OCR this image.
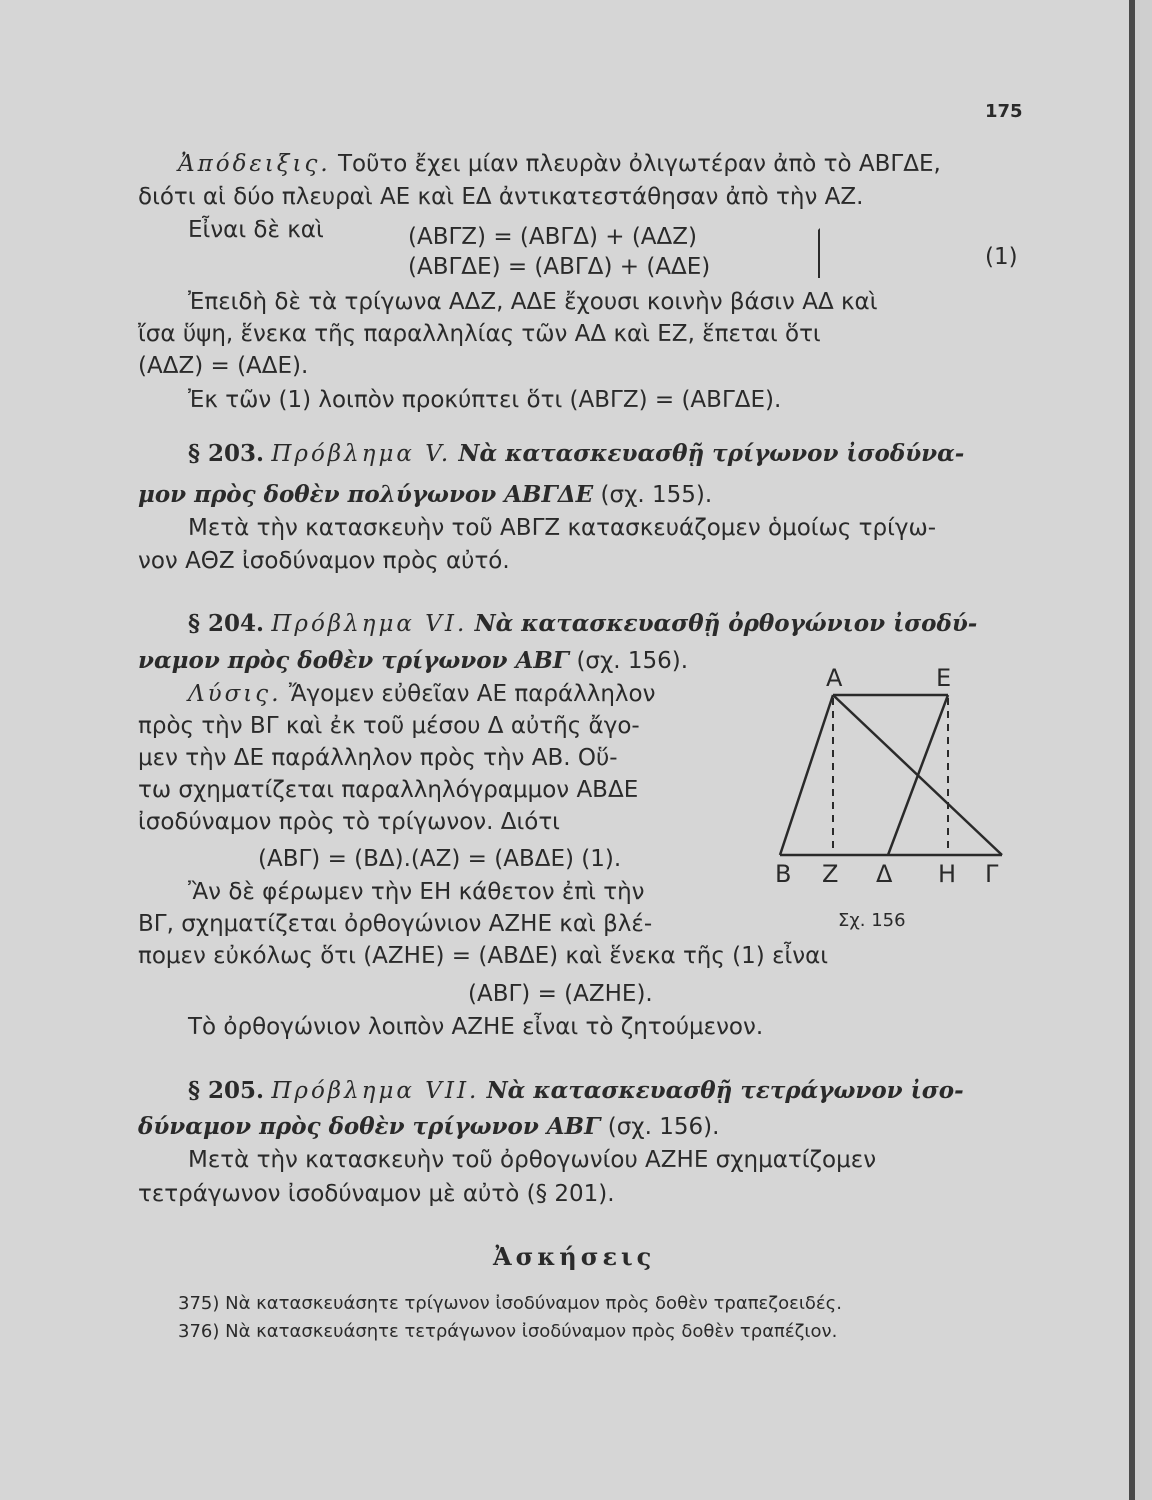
175
Ἀπόδειξις. Τοῦτο ἔχει μίαν πλευρὰν ὀλιγωτέραν ἀπὸ τὸ ΑΒΓΔΕ,
διότι αἱ δύο πλευραὶ ΑΕ καὶ ΕΔ ἀντικατεστάθησαν ἀπὸ τὴν ΑΖ.
Εἶναι δὲ καὶ	(ΑΒΓΖ) = (ΑΒΓΔ) + (ΑΔΖ)
(ΑΒΓΔΕ) = (ΑΒΓΔ) + (ΑΔΕ)	(1)
Ἐπειδὴ δὲ τὰ τρίγωνα ΑΔΖ, ΑΔΕ ἔχουσι κοινὴν βάσιν ΑΔ καὶ
ἴσα ὕψη, ἕνεκα τῆς παραλληλίας τῶν ΑΔ καὶ ΕΖ, ἕπεται ὅτι
(ΑΔΖ) = (ΑΔΕ).
Ἐκ τῶν (1) λοιπὸν προκύπτει ὅτι (ΑΒΓΖ) = (ΑΒΓΔΕ).
§ 203. Πρόβλημα V. Νὰ κατασκευασθῇ τρίγωνον ἰσοδύνα-
μον πρὸς δοθὲν πολύγωνον ΑΒΓΔΕ (σχ. 155).
Μετὰ τὴν κατασκευὴν τοῦ ΑΒΓΖ κατασκευάζομεν ὁμοίως τρίγω-
νον ΑΘΖ ἰσοδύναμον πρὸς αὐτό.
§ 204. Πρόβλημα VI. Νὰ κατασκευασθῇ ὀρθογώνιον ἰσοδύ-
ναμον πρὸς δοθὲν τρίγωνον ΑΒΓ (σχ. 156).
Λύσις. Ἄγομεν εὐθεῖαν ΑΕ παράλληλον
πρὸς τὴν ΒΓ καὶ ἐκ τοῦ μέσου Δ αὐτῆς ἄγο-
μεν τὴν ΔΕ παράλληλον πρὸς τὴν ΑΒ. Οὕ-
τω σχηματίζεται παραλληλόγραμμον ΑΒΔΕ
ἰσοδύναμον πρὸς τὸ τρίγωνον. Διότι
(ΑΒΓ) = (ΒΔ).(ΑΖ) = (ΑΒΔΕ) (1).
Ἂν δὲ φέρωμεν τὴν ΕΗ κάθετον ἐπὶ τὴν
ΒΓ, σχηματίζεται ὀρθογώνιον ΑΖΗΕ καὶ βλέ-
πομεν εὐκόλως ὅτι (ΑΖΗΕ) = (ΑΒΔΕ) καὶ ἕνεκα τῆς (1) εἶναι
(ΑΒΓ) = (ΑΖΗΕ).
Τὸ ὀρθογώνιον λοιπὸν ΑΖΗΕ εἶναι τὸ ζητούμενον.
Α	Ε
Β Ζ Δ Η Γ
Σχ. 156
§ 205. Πρόβλημα VII. Νὰ κατασκευασθῇ τετράγωνον ἰσο-
δύναμον πρὸς δοθὲν τρίγωνον ΑΒΓ (σχ. 156).
Μετὰ τὴν κατασκευὴν τοῦ ὀρθογωνίου ΑΖΗΕ σχηματίζομεν
τετράγωνον ἰσοδύναμον μὲ αὐτὸ (§ 201).
Ἀσκήσεις
375) Νὰ κατασκευάσητε τρίγωνον ἰσοδύναμον πρὸς δοθὲν τραπεζοειδές.
376) Νὰ κατασκευάσητε τετράγωνον ἰσοδύναμον πρὸς δοθὲν τραπέζιον.
